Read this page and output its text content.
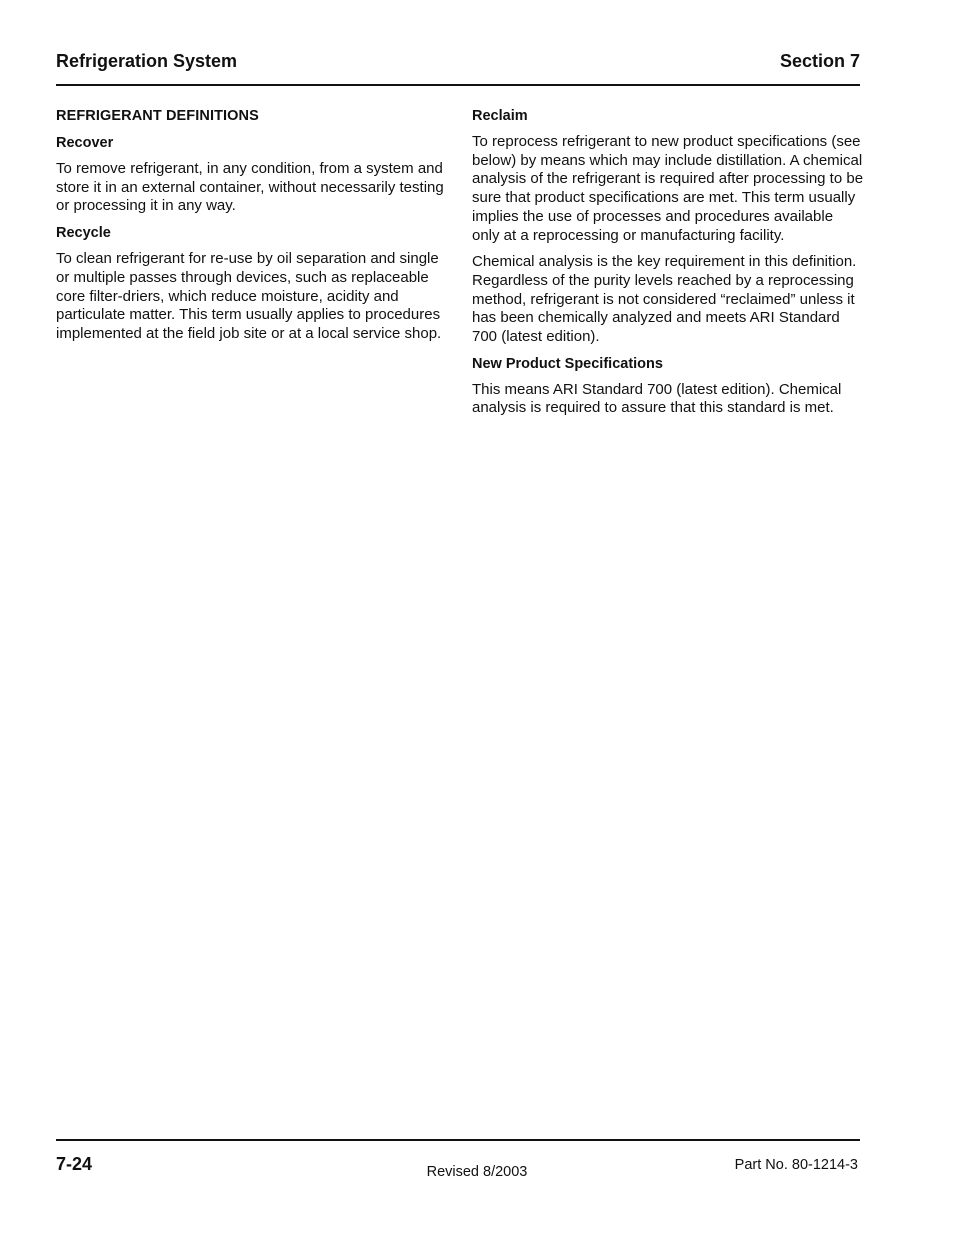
Refrigeration System	Section 7
REFRIGERANT DEFINITIONS
Recover
To remove refrigerant, in any condition, from a system and store it in an external container, without necessarily testing or processing it in any way.
Recycle
To clean refrigerant for re-use by oil separation and single or multiple passes through devices, such as replaceable core filter-driers, which reduce moisture, acidity and particulate matter. This term usually applies to procedures implemented at the field job site or at a local service shop.
Reclaim
To reprocess refrigerant to new product specifications (see below) by means which may include distillation. A chemical analysis of the refrigerant is required after processing to be sure that product specifications are met. This term usually implies the use of processes and procedures available only at a reprocessing or manufacturing facility.
Chemical analysis is the key requirement in this definition. Regardless of the purity levels reached by a reprocessing method, refrigerant is not considered “reclaimed” unless it has been chemically analyzed and meets ARI Standard 700 (latest edition).
New Product Specifications
This means ARI Standard 700 (latest edition). Chemical analysis is required to assure that this standard is met.
7-24	Revised 8/2003	Part No. 80-1214-3
